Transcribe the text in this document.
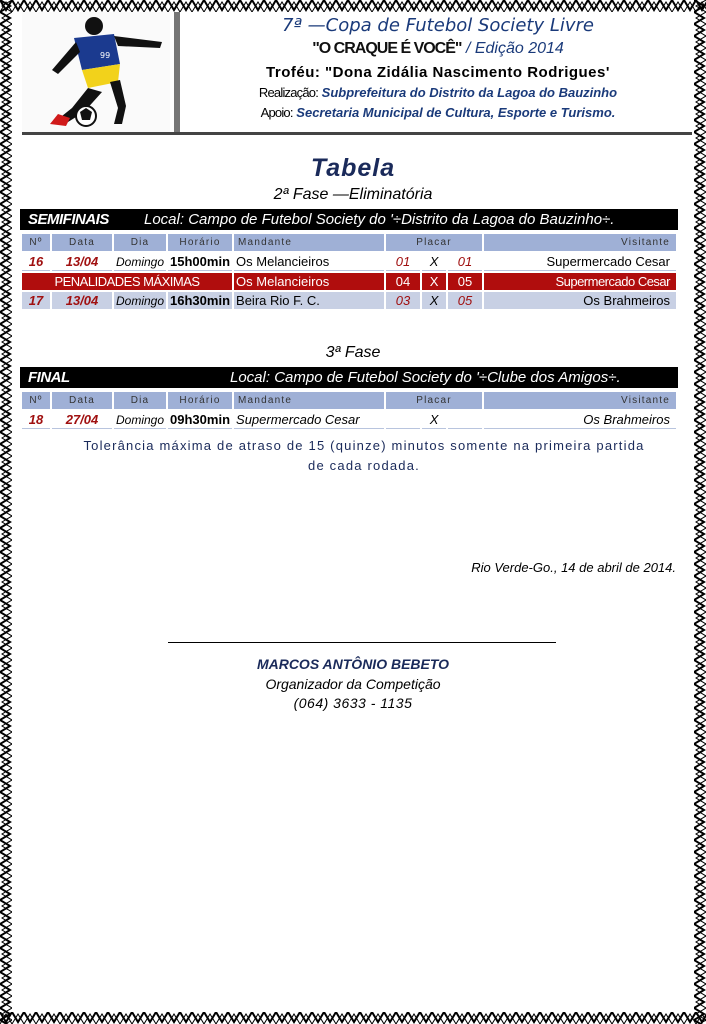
99
7ª —Copa de Futebol Society Livre
"O CRAQUE É VOCÊ" / Edição 2014
Troféu: "Dona Zidália Nascimento Rodrigues'
Realização: Subprefeitura do Distrito da Lagoa do Bauzinho
Apoio: Secretaria Municipal de Cultura, Esporte e Turismo.
Tabela
2ª Fase —Eliminatória
SEMIFINAIS Local: Campo de Futebol Society do '÷Distrito da Lagoa do Bauzinho÷.
Nº	Data	Dia	Horário	Mandante	Placar			Visitante
16	13/04	Domingo	15h00min	Os Melancieiros	01	X	01	Supermercado Cesar
PENALIDADES MÁXIMAS				Os Melancieiros	04	X	05	Supermercado Cesar
17	13/04	Domingo	16h30min	Beira Rio F. C.	03	X	05	Os Brahmeiros
3ª Fase
FINAL	Local: Campo de Futebol Society do '÷Clube dos Amigos÷.
Nº	Data	Dia	Horário	Mandante	Placar			Visitante
18	27/04	Domingo	09h30min	Supermercado Cesar		X		Os Brahmeiros
Tolerância máxima de atraso de 15 (quinze) minutos somente na primeira partida de cada rodada.
Rio Verde-Go., 14 de abril de 2014.
MARCOS ANTÔNIO BEBETO
Organizador da Competição
(064) 3633 - 1135
